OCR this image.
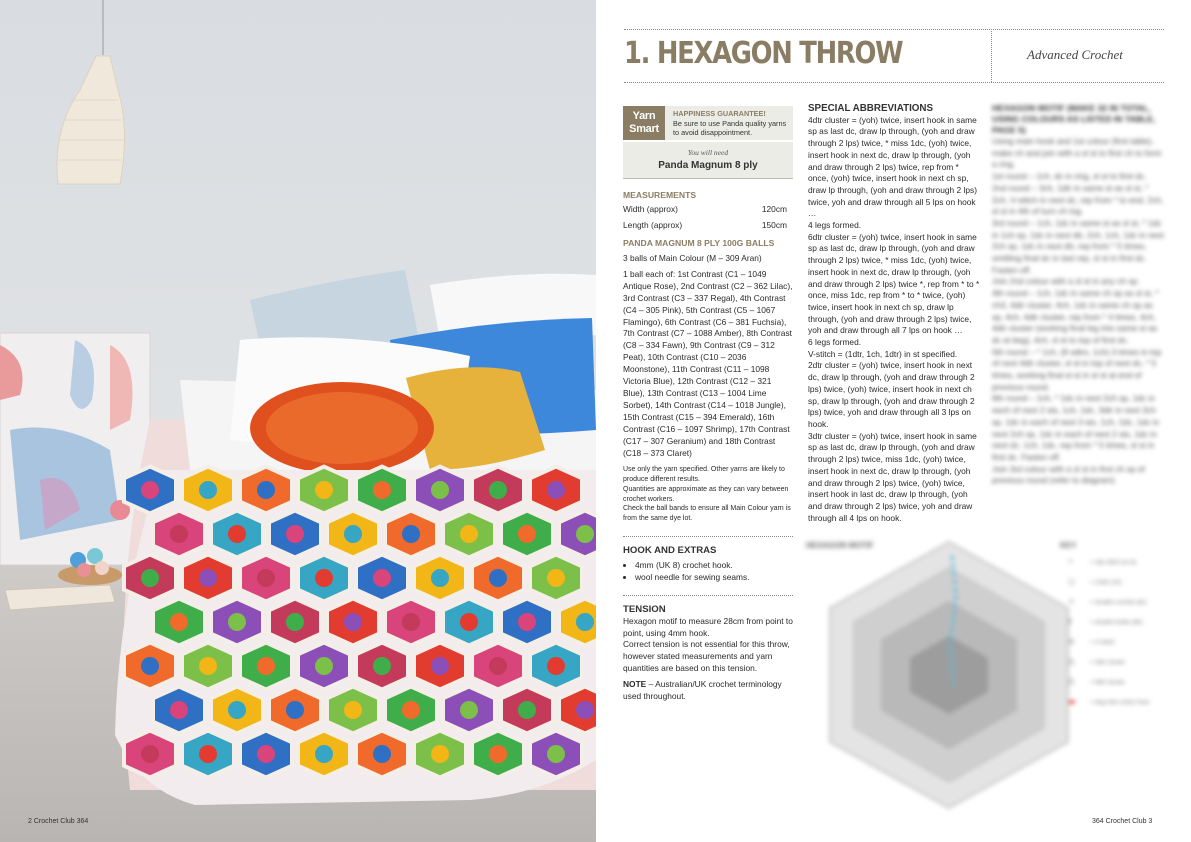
2 Crochet Club 364
1. HEXAGON THROW	Advanced Crochet
Yarn
Smart
HAPPINESS GUARANTEE!
Be sure to use Panda quality yarns to avoid disappointment.
You will need
Panda Magnum 8 ply
MEASUREMENTS
Width (approx)	120cm
Length (approx)	150cm
PANDA MAGNUM 8 PLY 100G BALLS

3 balls of Main Colour (M – 309 Aran)

1 ball each of: 1st Contrast (C1 – 1049 Antique Rose), 2nd Contrast (C2 – 362 Lilac), 3rd Contrast (C3 – 337 Regal), 4th Contrast (C4 – 305 Pink), 5th Contrast (C5 – 1067 Flamingo), 6th Contrast (C6 – 381 Fuchsia), 7th Contrast (C7 – 1088 Amber), 8th Contrast (C8 – 334 Fawn), 9th Contrast (C9 – 312 Peat), 10th Contrast (C10 – 2036 Moonstone), 11th Contrast (C11 – 1098 Victoria Blue), 12th Contrast (C12 – 321 Blue), 13th Contrast (C13 – 1004 Lime Sorbet), 14th Contrast (C14 – 1018 Jungle), 15th Contrast (C15 – 394 Emerald), 16th Contrast (C16 – 1097 Shrimp), 17th Contrast (C17 – 307 Geranium) and 18th Contrast (C18 – 373 Claret)

Use only the yarn specified. Other yarns are likely to produce different results.

Quantities are approximate as they can vary between crochet workers.

Check the ball bands to ensure all Main Colour yarn is from the same dye lot.

HOOK AND EXTRAS
• 4mm (UK 8) crochet hook.
• wool needle for sewing seams.
TENSION

Hexagon motif to measure 28cm from point to point, using 4mm hook.

Correct tension is not essential for this throw, however stated measurements and yarn quantities are based on this tension.

NOTE – Australian/UK crochet terminology used throughout.

SPECIAL ABBREVIATIONS

4dtr cluster = (yoh) twice, insert hook in same sp as last dc, draw lp through, (yoh and draw through 2 lps) twice, * miss 1dc, (yoh) twice, insert hook in next dc, draw lp through, (yoh and draw through 2 lps) twice, rep from * once, (yoh) twice, insert hook in next ch sp, draw lp through, (yoh and draw through 2 lps) twice, yoh and draw through all 5 lps on hook …

4 legs formed.

6dtr cluster = (yoh) twice, insert hook in same sp as last dc, draw lp through, (yoh and draw through 2 lps) twice, * miss 1dc, (yoh) twice, insert hook in next dc, draw lp through, (yoh and draw through 2 lps) twice *, rep from * to * once, miss 1dc, rep from * to * twice, (yoh) twice, insert hook in next ch sp, draw lp through, (yoh and draw through 2 lps) twice, yoh and draw through all 7 lps on hook …

6 legs formed.

V-stitch = (1dtr, 1ch, 1dtr) in st specified.

2dtr cluster = (yoh) twice, insert hook in next dc, draw lp through, (yoh and draw through 2 lps) twice, (yoh) twice, insert hook in next ch sp, draw lp through, (yoh and draw through 2 lps) twice, yoh and draw through all 3 lps on hook.

3dtr cluster = (yoh) twice, insert hook in same sp as last dc, draw lp through, (yoh and draw through 2 lps) twice, miss 1dc, (yoh) twice, insert hook in next dc, draw lp through, (yoh and draw through 2 lps) twice, (yoh) twice, insert hook in last dc, draw lp through, (yoh and draw through 2 lps) twice, yoh and draw through all 4 lps on hook.

HEXAGON MOTIF (MAKE 32 IN TOTAL, USING COLOURS AS LISTED IN TABLE, PAGE 5)

Using main hook and 1st colour (first table), make ch and join with a sl st to first ch to form a ring.

1st round – 1ch, dc in ring, sl st to first dc.

2nd round – 3ch, 1dtr in same st as sl st, * 2ch, V-stitch in next dc, rep from * to end, 2ch, sl st in 4th of turn ch tog.

3rd round – 1ch, 1dc in same st as sl st, * 1dc in 1ch sp, 1dc in next dtr, 2ch, 1ch, 1dc in next 2ch sp, 1dc in next dtr, rep from * 5 times, omitting final dc in last rep, sl st in first dc. Fasten off.

Join 2nd colour with a sl st in any ch sp.

4th round – 1ch, 1dc in same ch sp as sl st, * ch3, 4dtr cluster, 4ch, 1dc in same ch sp as sp, 4ch, 4dtr cluster, rep from * 4 times, 4ch, 4dtr cluster (working final leg into same st as dc at beg), 4ch, sl st to top of first dc.

5th round – * 1ch, (8 sdtrs, 1ch) 3 times in top of next 4dtr cluster, sl st in top of next dc, * 5 times, working final sl st in sl st at end of previous round.

6th round – 1ch, * 1dc in next 2ch sp, 1dc in each of next 2 sts, 1ch, 1dc, 3dtr in next 3ch sp, 1dc in each of next 3 sts, 1ch, 1dc, 1dc in next 2ch sp, 1dc in each of next 2 sts, 1dc in next dc, 1ch, 1dc, rep from * 5 times, sl st in first dc. Fasten off.

Join 3rd colour with a sl st in first ch sp of previous round (refer to diagram).

HEXAGON MOTIF	KEY
•	= slip stitch (sl st)
○	= chain (ch)
+	= double crochet (dc)
‡	= double treble (dtr)
⋔	= V-stitch
⋀	= 4dtr cluster
⋀	= 6dtr cluster
▬ = beg new colour here
364 Crochet Club 3
